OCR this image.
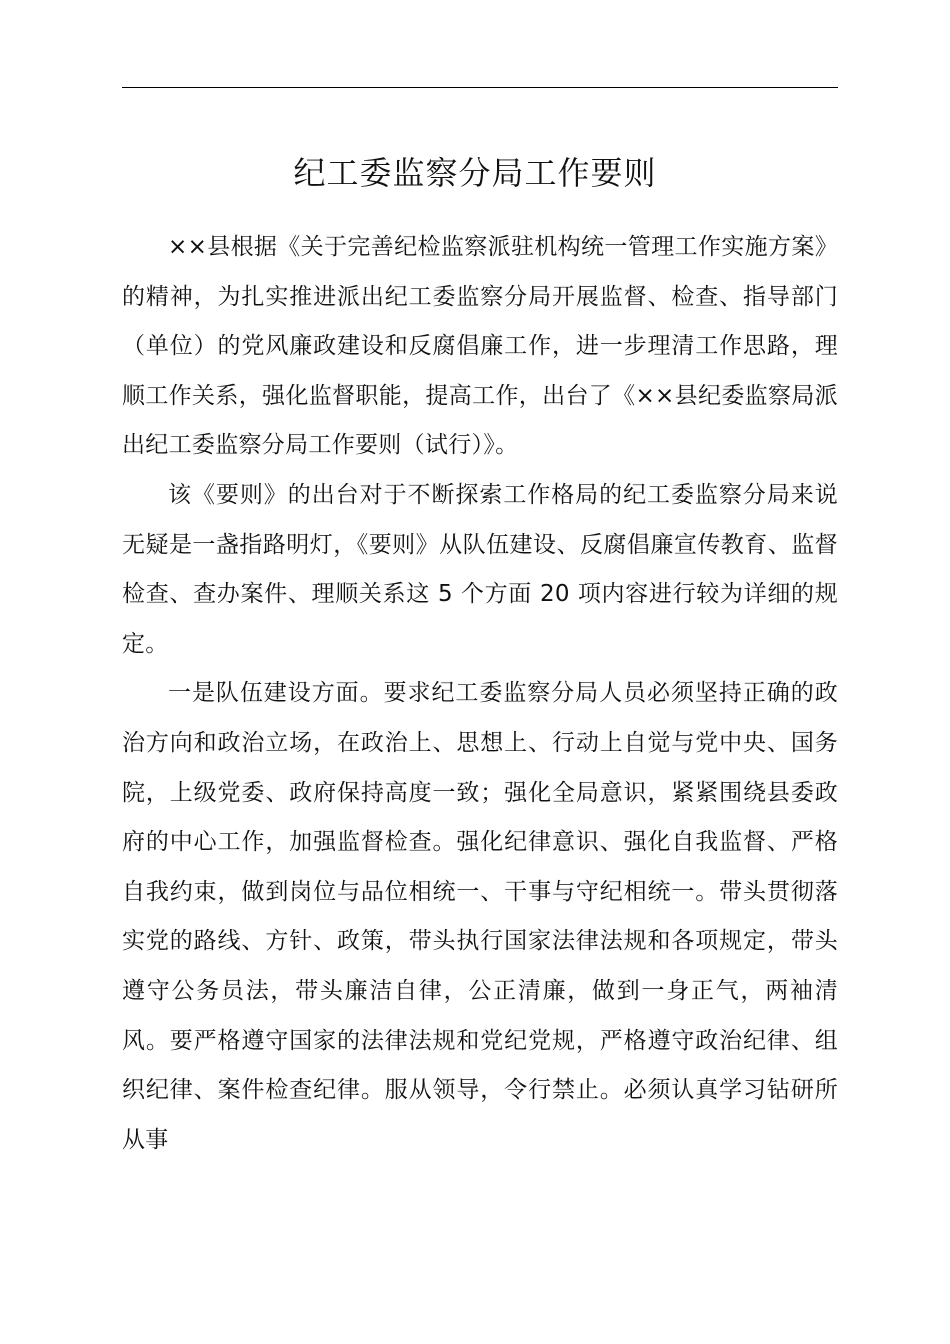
纪工委监察分局工作要则

××县根据《关于完善纪检监察派驻机构统一管理工作实施方案》的精神，为扎实推进派出纪工委监察分局开展监督、检查、指导部门（单位）的党风廉政建设和反腐倡廉工作，进一步理清工作思路，理顺工作关系，强化监督职能，提高工作，出台了《××县纪委监察局派出纪工委监察分局工作要则（试行）》。

该《要则》的出台对于不断探索工作格局的纪工委监察分局来说无疑是一盏指路明灯，《要则》从队伍建设、反腐倡廉宣传教育、监督检查、查办案件、理顺关系这 5 个方面 20 项内容进行较为详细的规定。

一是队伍建设方面。要求纪工委监察分局人员必须坚持正确的政治方向和政治立场，在政治上、思想上、行动上自觉与党中央、国务院，上级党委、政府保持高度一致；强化全局意识，紧紧围绕县委政府的中心工作，加强监督检查。强化纪律意识、强化自我监督、严格自我约束，做到岗位与品位相统一、干事与守纪相统一。带头贯彻落实党的路线、方针、政策，带头执行国家法律法规和各项规定，带头遵守公务员法，带头廉洁自律，公正清廉，做到一身正气，两袖清风。要严格遵守国家的法律法规和党纪党规，严格遵守政治纪律、组织纪律、案件检查纪律。服从领导，令行禁止。必须认真学习钻研所从事
